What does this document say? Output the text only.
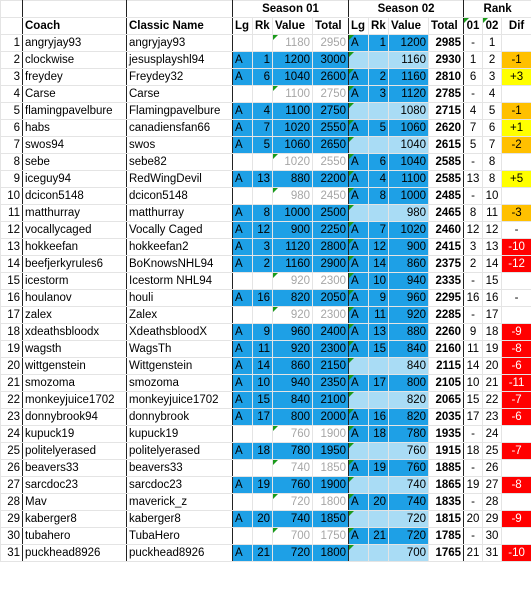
			Season 01				Season 02				Rank		
	Coach	Classic Name	Lg	Rk	Value	Total	Lg	Rk	Value	Total	01	02	Dif
1	angryjay93	angryjay93			1180	2950	A	1	1200	2985	-	1	
2	clockwise	jesusplayshl94	A	1	1200	3000			1160	2930	1	2	-1
3	freydey	Freydey32	A	6	1040	2600	A	2	1160	2810	6	3	+3
4	Carse	Carse			1100	2750	A	3	1120	2785	-	4	
5	flamingpavelbure	Flamingpavelbure	A	4	1100	2750			1080	2715	4	5	-1
6	habs	canadiensfan66	A	7	1020	2550	A	5	1060	2620	7	6	+1
7	swos94	swos	A	5	1060	2650			1040	2615	5	7	-2
8	sebe	sebe82			1020	2550	A	6	1040	2585	-	8	
9	iceguy94	RedWingDevil	A	13	880	2200	A	4	1100	2585	13	8	+5
10	dcicon5148	dcicon5148			980	2450	A	8	1000	2485	-	10	
11	matthurray	matthurray	A	8	1000	2500			980	2465	8	11	-3
12	vocallycaged	Vocally Caged	A	12	900	2250	A	7	1020	2460	12	12	-
13	hokkeefan	hokkeefan2	A	3	1120	2800	A	12	900	2415	3	13	-10
14	beefjerkyrules6	BoKnowsNHL94	A	2	1160	2900	A	14	860	2375	2	14	-12
15	icestorm	Icestorm NHL94			920	2300	A	10	940	2335	-	15	
16	houlanov	houli	A	16	820	2050	A	9	960	2295	16	16	-
17	zalex	Zalex			920	2300	A	11	920	2285	-	17	
18	xdeathsbloodx	XdeathsbloodX	A	9	960	2400	A	13	880	2260	9	18	-9
19	wagsth	WagsTh	A	11	920	2300	A	15	840	2160	11	19	-8
20	wittgenstein	Wittgenstein	A	14	860	2150			840	2115	14	20	-6
21	smozoma	smozoma	A	10	940	2350	A	17	800	2105	10	21	-11
22	monkeyjuice1702	monkeyjuice1702	A	15	840	2100			820	2065	15	22	-7
23	donnybrook94	donnybrook	A	17	800	2000	A	16	820	2035	17	23	-6
24	kupuck19	kupuck19			760	1900	A	18	780	1935	-	24	
25	politelyerased	politelyerased	A	18	780	1950			760	1915	18	25	-7
26	beavers33	beavers33			740	1850	A	19	760	1885	-	26	
27	sarcdoc23	sarcdoc23	A	19	760	1900			740	1865	19	27	-8
28	Mav	maverick_z			720	1800	A	20	740	1835	-	28	
29	kaberger8	kaberger8	A	20	740	1850			720	1815	20	29	-9
30	tubahero	TubaHero			700	1750	A	21	720	1785	-	30	
31	puckhead8926	puckhead8926	A	21	720	1800			700	1765	21	31	-10
